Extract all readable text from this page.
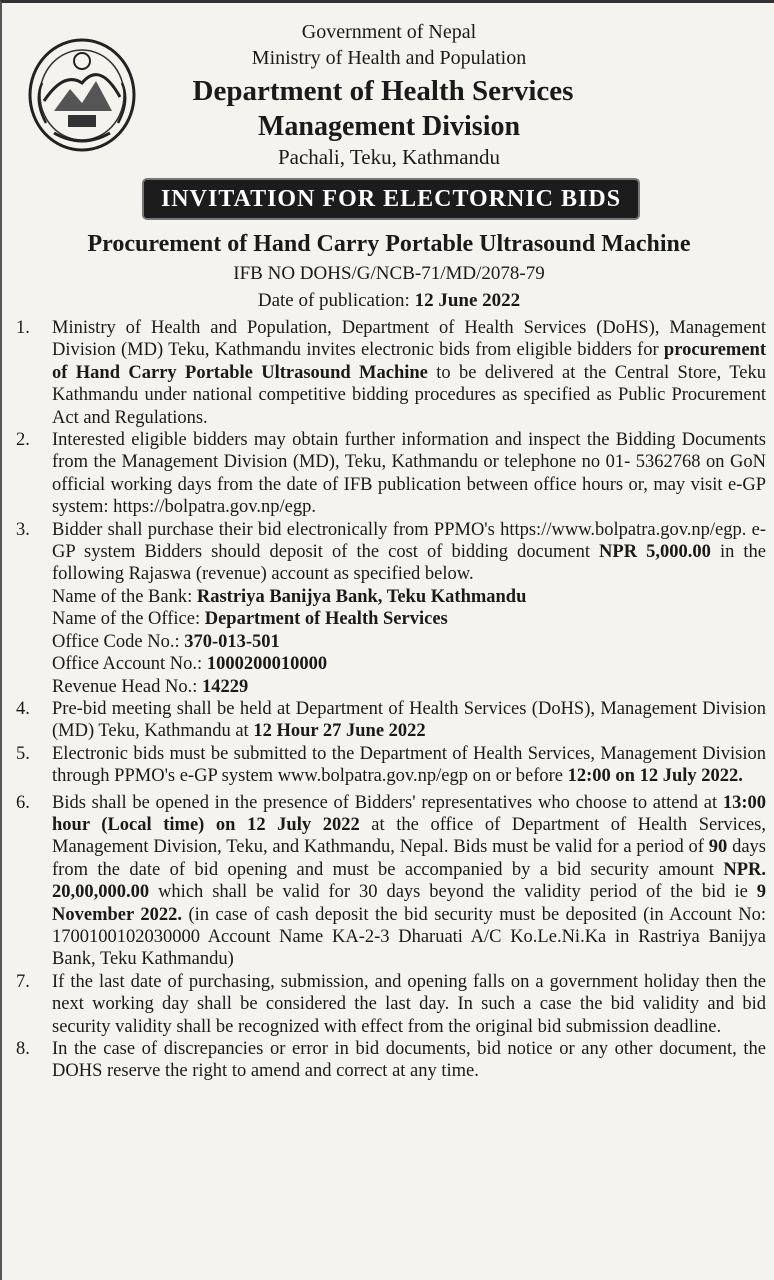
Government of Nepal
Ministry of Health and Population
Department of Health Services
Management Division
Pachali, Teku, Kathmandu
INVITATION FOR ELECTORNIC BIDS
Procurement of Hand Carry Portable Ultrasound Machine
IFB NO DOHS/G/NCB-71/MD/2078-79
Date of publication: 12 June 2022
1.	Ministry of Health and Population, Department of Health Services (DoHS), Management Division (MD) Teku, Kathmandu invites electronic bids from eligible bidders for procurement of Hand Carry Portable Ultrasound Machine to be delivered at the Central Store, Teku Kathmandu under national competitive bidding procedures as specified as Public Procurement Act and Regulations.

2.	Interested eligible bidders may obtain further information and inspect the Bidding Documents from the Management Division (MD), Teku, Kathmandu or telephone no 01- 5362768 on GoN official working days from the date of IFB publication between office hours or, may visit e-GP system: https://bolpatra.gov.np/egp.

3.	Bidder shall purchase their bid electronically from PPMO's https://www.bolpatra.gov.np/egp. e-GP system Bidders should deposit of the cost of bidding document NPR 5,000.00 in the following Rajaswa (revenue) account as specified below.

Name of the Bank: Rastriya Banijya Bank, Teku Kathmandu
Name of the Office: Department of Health Services
Office Code No.: 370-013-501
Office Account No.: 1000200010000
Revenue Head No.: 14229
4.	Pre-bid meeting shall be held at Department of Health Services (DoHS), Management Division (MD) Teku, Kathmandu at 12 Hour 27 June 2022

5.	Electronic bids must be submitted to the Department of Health Services, Management Division through PPMO's e-GP system www.bolpatra.gov.np/egp on or before 12:00 on 12 July 2022.

6.	Bids shall be opened in the presence of Bidders' representatives who choose to attend at 13:00 hour (Local time) on 12 July 2022 at the office of Department of Health Services, Management Division, Teku, and Kathmandu, Nepal. Bids must be valid for a period of 90 days from the date of bid opening and must be accompanied by a bid security amount NPR. 20,00,000.00 which shall be valid for 30 days beyond the validity period of the bid ie 9 November 2022. (in case of cash deposit the bid security must be deposited (in Account No: 1700100102030000 Account Name KA-2-3 Dharuati A/C Ko.Le.Ni.Ka in Rastriya Banijya Bank, Teku Kathmandu)

7.	If the last date of purchasing, submission, and opening falls on a government holiday then the next working day shall be considered the last day. In such a case the bid validity and bid security validity shall be recognized with effect from the original bid submission deadline.

8.	In the case of discrepancies or error in bid documents, bid notice or any other document, the DOHS reserve the right to amend and correct at any time.
